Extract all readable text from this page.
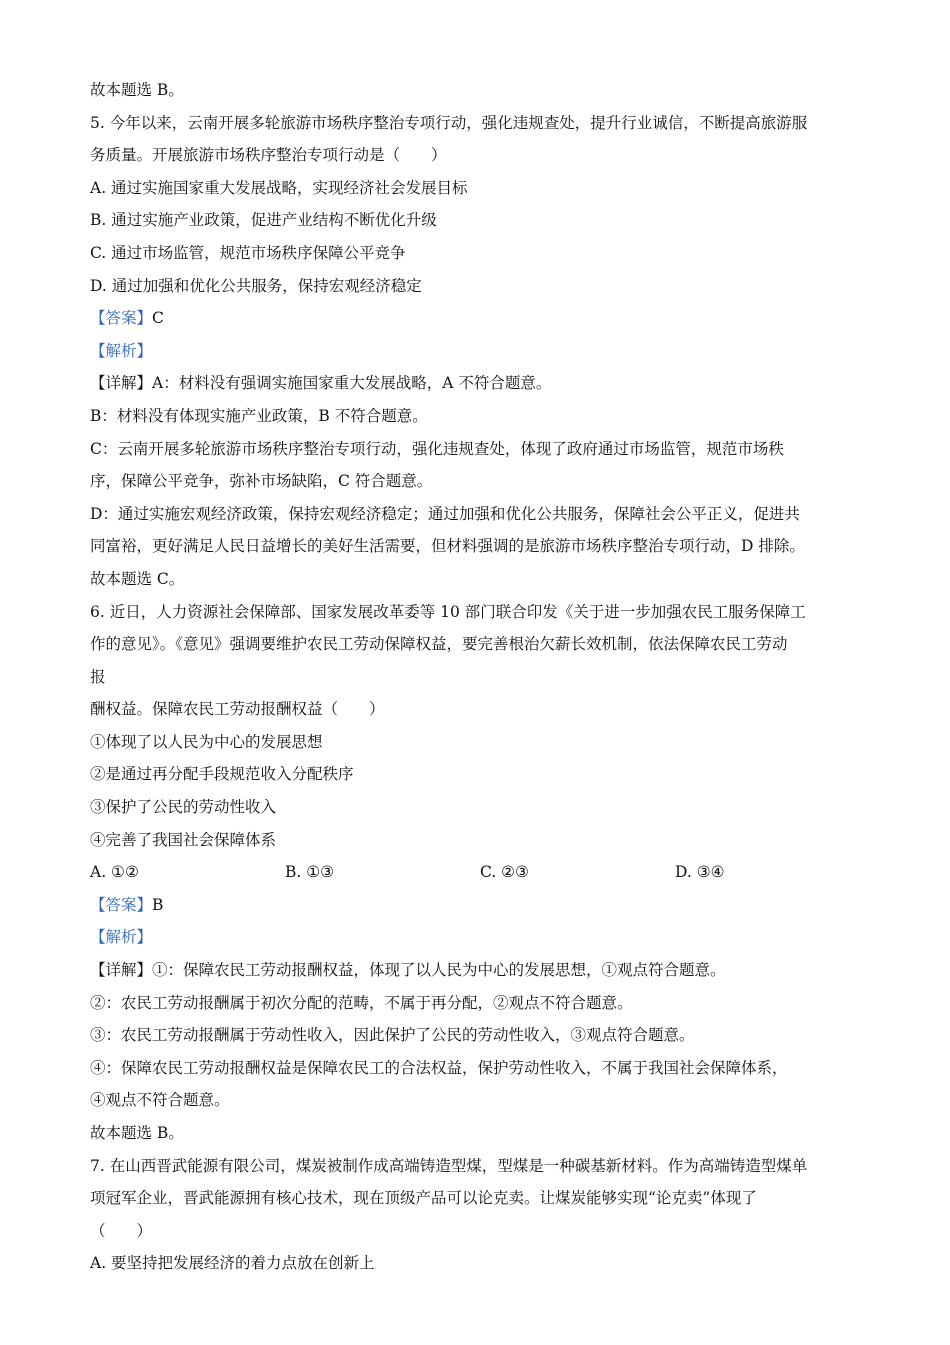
故本题选 B。
5. 今年以来，云南开展多轮旅游市场秩序整治专项行动，强化违规查处，提升行业诚信，不断提高旅游服
务质量。开展旅游市场秩序整治专项行动是（　　）
A. 通过实施国家重大发展战略，实现经济社会发展目标
B. 通过实施产业政策，促进产业结构不断优化升级
C. 通过市场监管，规范市场秩序保障公平竞争
D. 通过加强和优化公共服务，保持宏观经济稳定
【答案】C
【解析】
【详解】A：材料没有强调实施国家重大发展战略，A 不符合题意。
B：材料没有体现实施产业政策，B 不符合题意。
C：云南开展多轮旅游市场秩序整治专项行动，强化违规查处，体现了政府通过市场监管，规范市场秩
序，保障公平竞争，弥补市场缺陷，C 符合题意。
D：通过实施宏观经济政策，保持宏观经济稳定；通过加强和优化公共服务，保障社会公平正义，促进共
同富裕，更好满足人民日益增长的美好生活需要，但材料强调的是旅游市场秩序整治专项行动，D 排除。
故本题选 C。
6. 近日，人力资源社会保障部、国家发展改革委等 10 部门联合印发《关于进一步加强农民工服务保障工
作的意见》。《意见》强调要维护农民工劳动保障权益，要完善根治欠薪长效机制，依法保障农民工劳动
报
酬权益。保障农民工劳动报酬权益（　　）
①体现了以人民为中心的发展思想
②是通过再分配手段规范收入分配秩序
③保护了公民的劳动性收入
④完善了我国社会保障体系
A. ①②	B. ①③	C. ②③	D. ③④
【答案】B
【解析】
【详解】①：保障农民工劳动报酬权益，体现了以人民为中心的发展思想，①观点符合题意。
②：农民工劳动报酬属于初次分配的范畴，不属于再分配，②观点不符合题意。
③：农民工劳动报酬属于劳动性收入，因此保护了公民的劳动性收入，③观点符合题意。
④：保障农民工劳动报酬权益是保障农民工的合法权益，保护劳动性收入，不属于我国社会保障体系，
④观点不符合题意。
故本题选 B。
7. 在山西晋武能源有限公司，煤炭被制作成高端铸造型煤，型煤是一种碳基新材料。作为高端铸造型煤单
项冠军企业，晋武能源拥有核心技术，现在顶级产品可以论克卖。让煤炭能够实现“论克卖”体现了
（　　）
A. 要坚持把发展经济的着力点放在创新上
